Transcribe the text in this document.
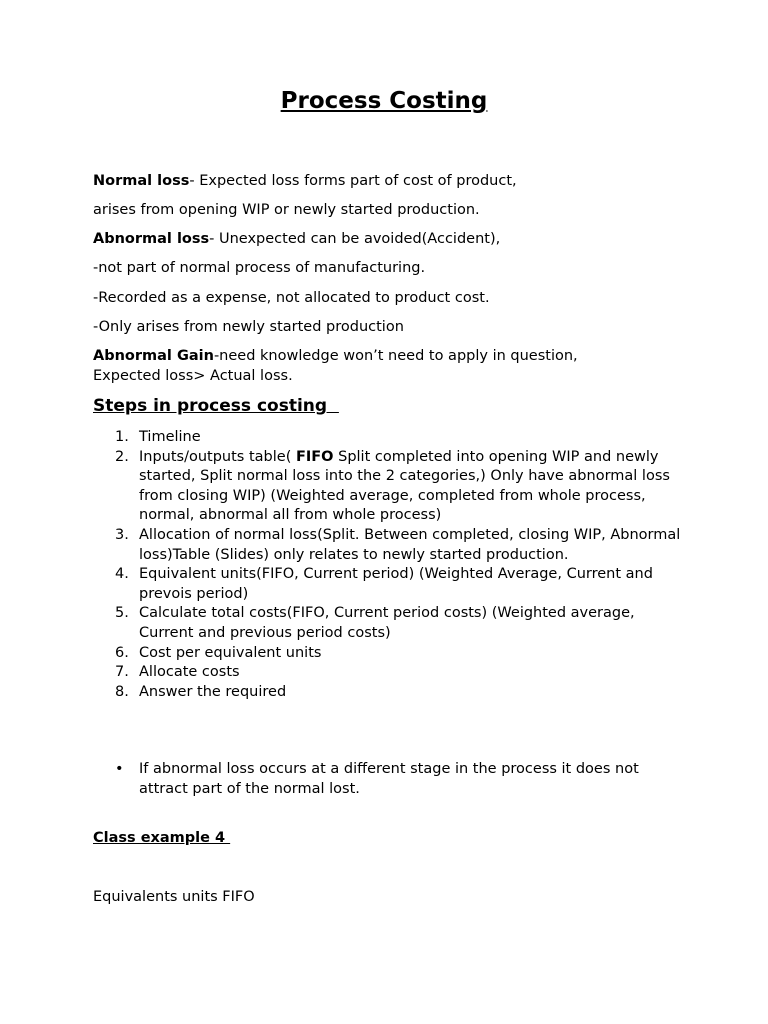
Process Costing
Normal loss- Expected loss forms part of cost of product,
arises from opening WIP or newly started production.
Abnormal loss- Unexpected can be avoided(Accident),
-not part of normal process of manufacturing.
-Recorded as a expense, not allocated to product cost.
-Only arises from newly started production
Abnormal Gain-need knowledge won’t need to apply in question, Expected loss> Actual loss.
Steps in process costing
1. Timeline
2. Inputs/outputs table( FIFO Split completed into opening WIP and newly started, Split normal loss into the 2 categories,) Only have abnormal loss from closing WIP) (Weighted average, completed from whole process, normal, abnormal all from whole process)
3. Allocation of normal loss(Split. Between completed, closing WIP, Abnormal loss)Table (Slides) only relates to newly started production.
4. Equivalent units(FIFO, Current period) (Weighted Average, Current and prevois period)
5. Calculate total costs(FIFO, Current period costs) (Weighted average, Current and previous period costs)
6. Cost per equivalent units
7. Allocate costs
8. Answer the required
• If abnormal loss occurs at a different stage in the process it does not attract part of the normal lost.
Class example 4
Equivalents units FIFO
